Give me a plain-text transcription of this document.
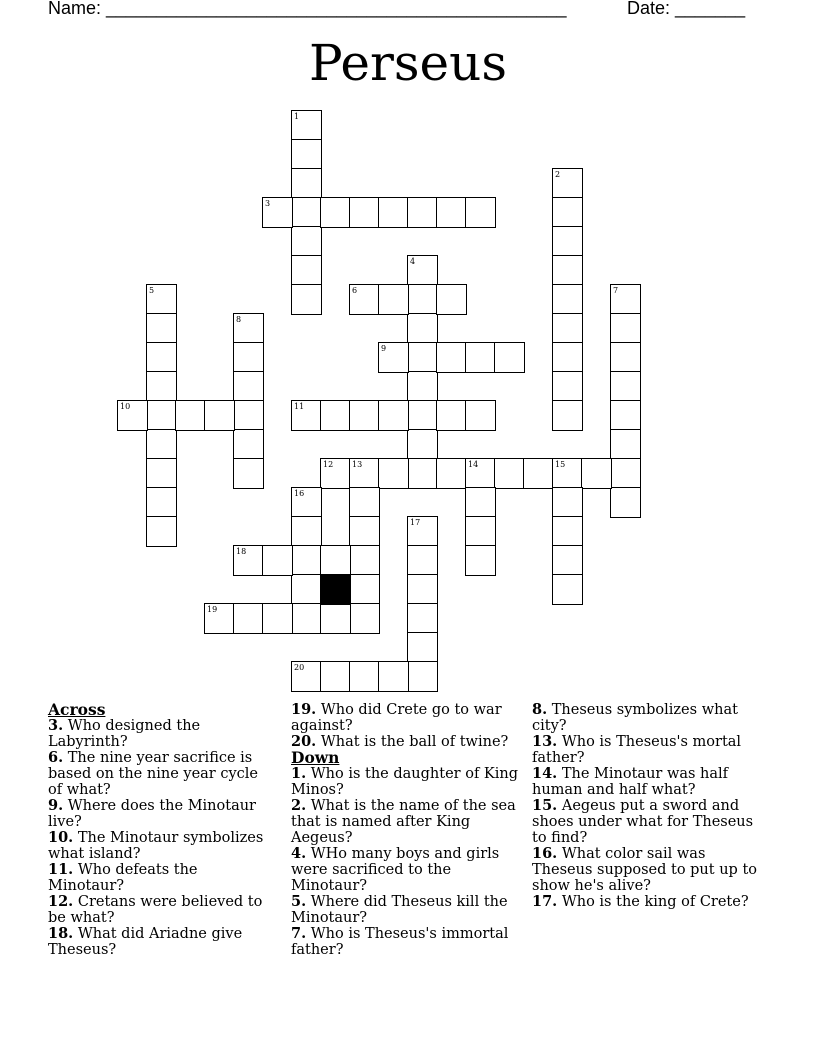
Name: ______________________________________________	Date: _______
Perseus
1
2
3
4
5	6	7
8
9
10	11
12 13	14	15
16
17
18
19
20
Across
3. Who designed the Labyrinth?
6. The nine year sacrifice is based on the nine year cycle of what?
9. Where does the Minotaur live?
10. The Minotaur symbolizes what island?
11. Who defeats the Minotaur?
12. Cretans were believed to be what?
18. What did Ariadne give Theseus?
19. Who did Crete go to war against?
20. What is the ball of twine?
Down
1. Who is the daughter of King Minos?
2. What is the name of the sea that is named after King Aegeus?
4. WHo many boys and girls were sacrificed to the Minotaur?
5. Where did Theseus kill the Minotaur?
7. Who is Theseus's immortal father?
8. Theseus symbolizes what city?
13. Who is Theseus's mortal father?
14. The Minotaur was half human and half what?
15. Aegeus put a sword and shoes under what for Theseus to find?
16. What color sail was Theseus supposed to put up to show he's alive?
17. Who is the king of Crete?
